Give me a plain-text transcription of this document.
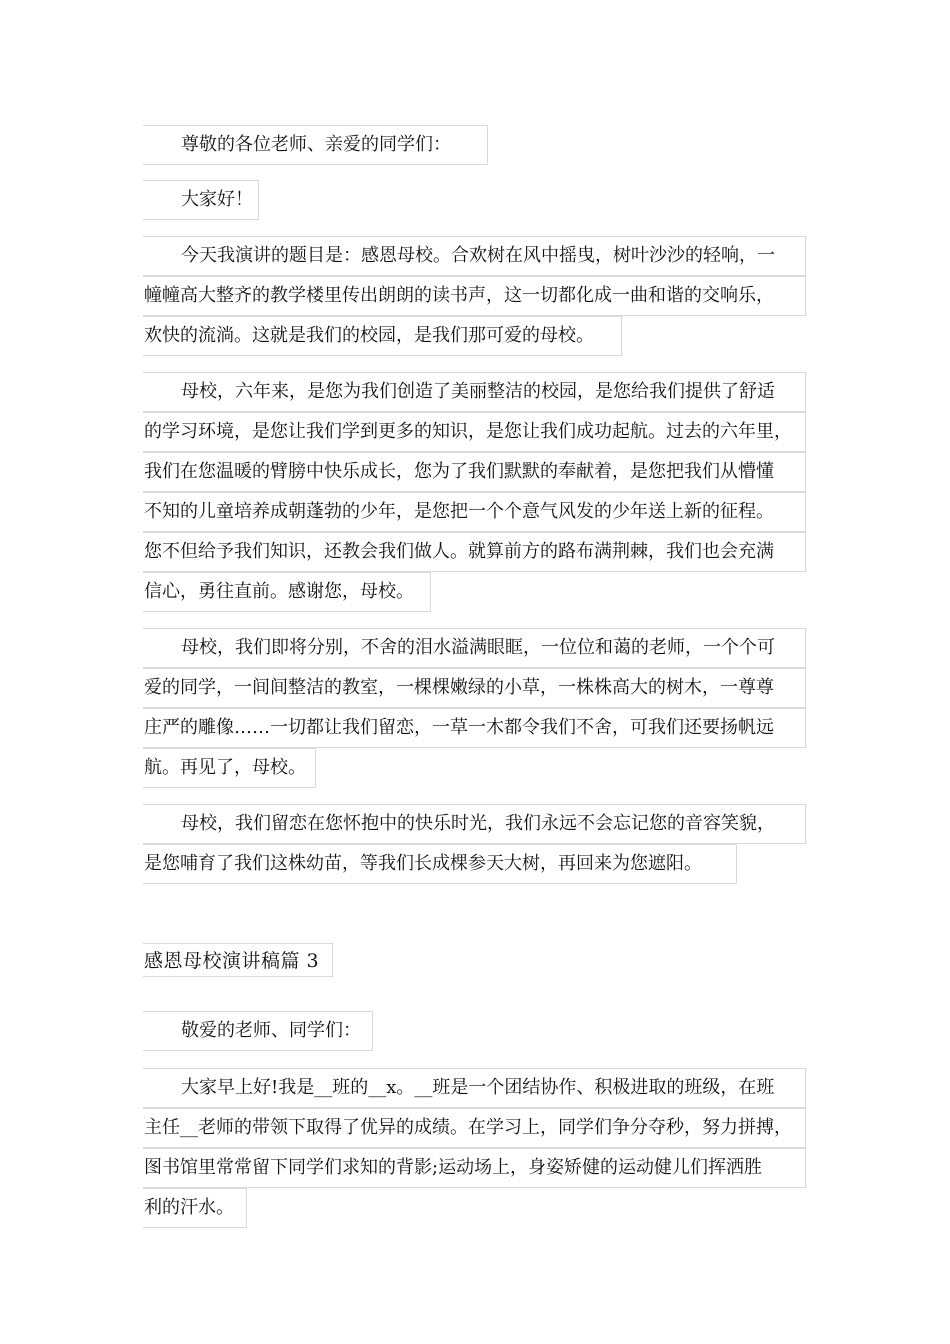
尊敬的各位老师、亲爱的同学们：
大家好！
今天我演讲的题目是：感恩母校。合欢树在风中摇曳，树叶沙沙的轻响，一
幢幢高大整齐的教学楼里传出朗朗的读书声，这一切都化成一曲和谐的交响乐，
欢快的流淌。这就是我们的校园，是我们那可爱的母校。
母校，六年来，是您为我们创造了美丽整洁的校园，是您给我们提供了舒适
的学习环境，是您让我们学到更多的知识，是您让我们成功起航。过去的六年里，
我们在您温暖的臂膀中快乐成长，您为了我们默默的奉献着，是您把我们从懵懂
不知的儿童培养成朝蓬勃的少年，是您把一个个意气风发的少年送上新的征程。
您不但给予我们知识，还教会我们做人。就算前方的路布满荆棘，我们也会充满
信心，勇往直前。感谢您，母校。
母校，我们即将分别，不舍的泪水溢满眼眶，一位位和蔼的老师，一个个可
爱的同学，一间间整洁的教室，一棵棵嫩绿的小草，一株株高大的树木，一尊尊
庄严的雕像……一切都让我们留恋，一草一木都令我们不舍，可我们还要扬帆远
航。再见了，母校。
母校，我们留恋在您怀抱中的快乐时光，我们永远不会忘记您的音容笑貌，
是您哺育了我们这株幼苗，等我们长成棵参天大树，再回来为您遮阳。
感恩母校演讲稿篇 3
敬爱的老师、同学们：
大家早上好!我是__班的__x。__班是一个团结协作、积极进取的班级，在班
主任__老师的带领下取得了优异的成绩。在学习上，同学们争分夺秒，努力拼搏，
图书馆里常常留下同学们求知的背影;运动场上，身姿矫健的运动健儿们挥洒胜
利的汗水。
